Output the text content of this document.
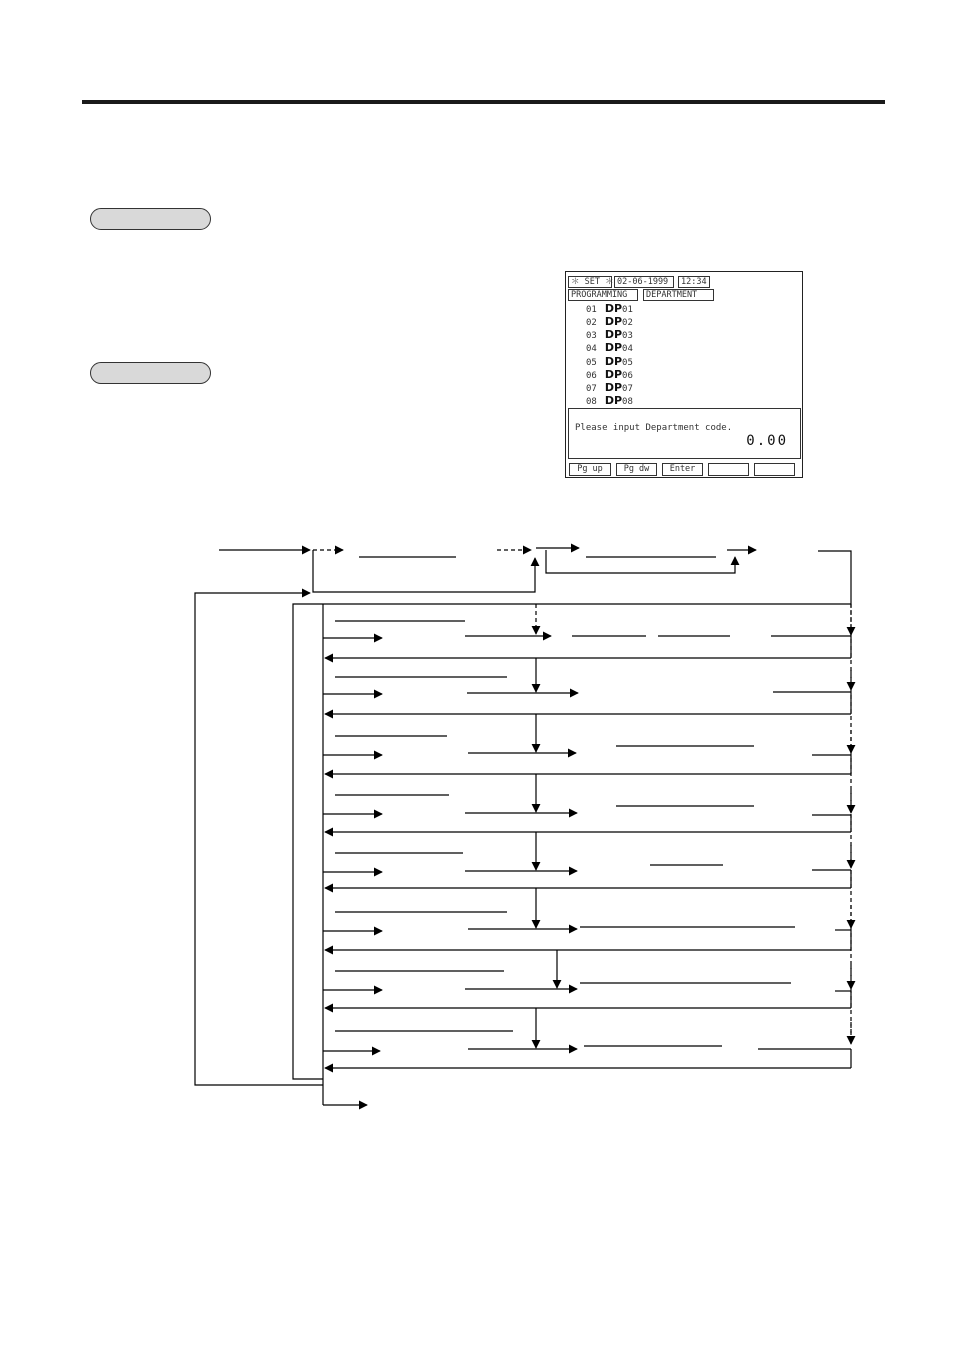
＊ SET ＊ 02-06-1999	12:34
PROGRAMMING	DEPARTMENT
01 DP01
02 DP02
03 DP03
04 DP04
05 DP05
06 DP06
07 DP07
08 DP08
Please input Department code.
0.00
Pg up	Pg dw	Enter
